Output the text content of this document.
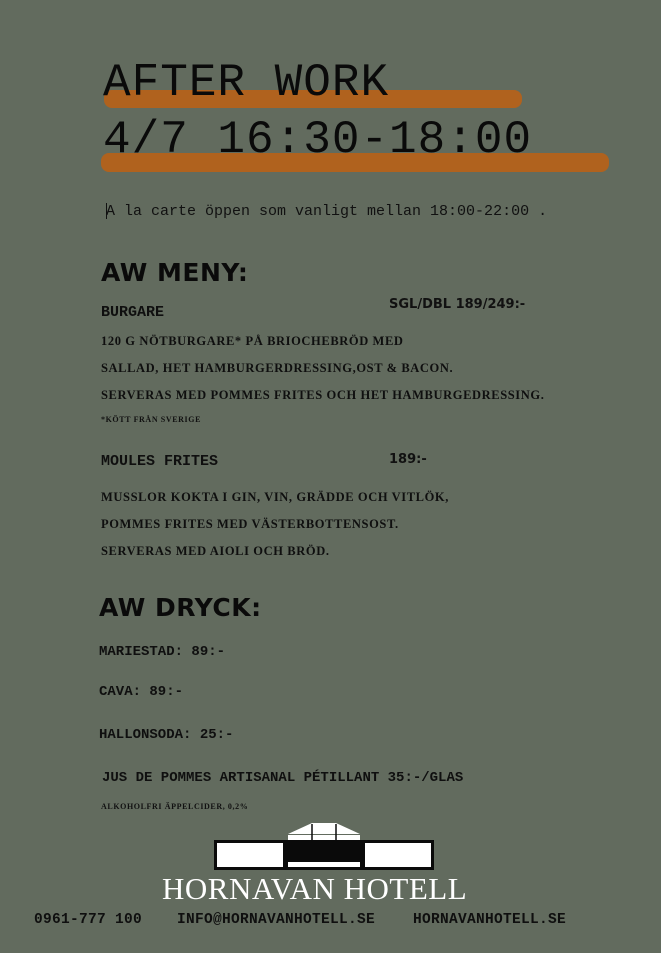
AFTER WORK
4/7 16:30-18:00
A la carte öppen som vanligt mellan 18:00-22:00 .
AW MENY:
BURGARE	SGL/DBL 189/249:-
120 G NÖTBURGARE* PÅ BRIOCHEBRÖD MED
SALLAD, HET HAMBURGERDRESSING,OST & BACON.
SERVERAS MED POMMES FRITES OCH HET HAMBURGEDRESSING.
*KÖTT FRÅN SVERIGE
MOULES FRITES	189:-
MUSSLOR KOKTA I GIN, VIN, GRÄDDE OCH VITLÖK,
POMMES FRITES MED VÄSTERBOTTENSOST.
SERVERAS MED AIOLI OCH BRÖD.
AW DRYCK:
MARIESTAD: 89:-
CAVA: 89:-
HALLONSODA: 25:-
JUS DE POMMES ARTISANAL PÉTILLANT 35:-/GLAS
ALKOHOLFRI ÄPPELCIDER, 0,2%
HORNAVAN HOTELL
0961-777 100 INFO@HORNAVANHOTELL.SE	HORNAVANHOTELL.SE
